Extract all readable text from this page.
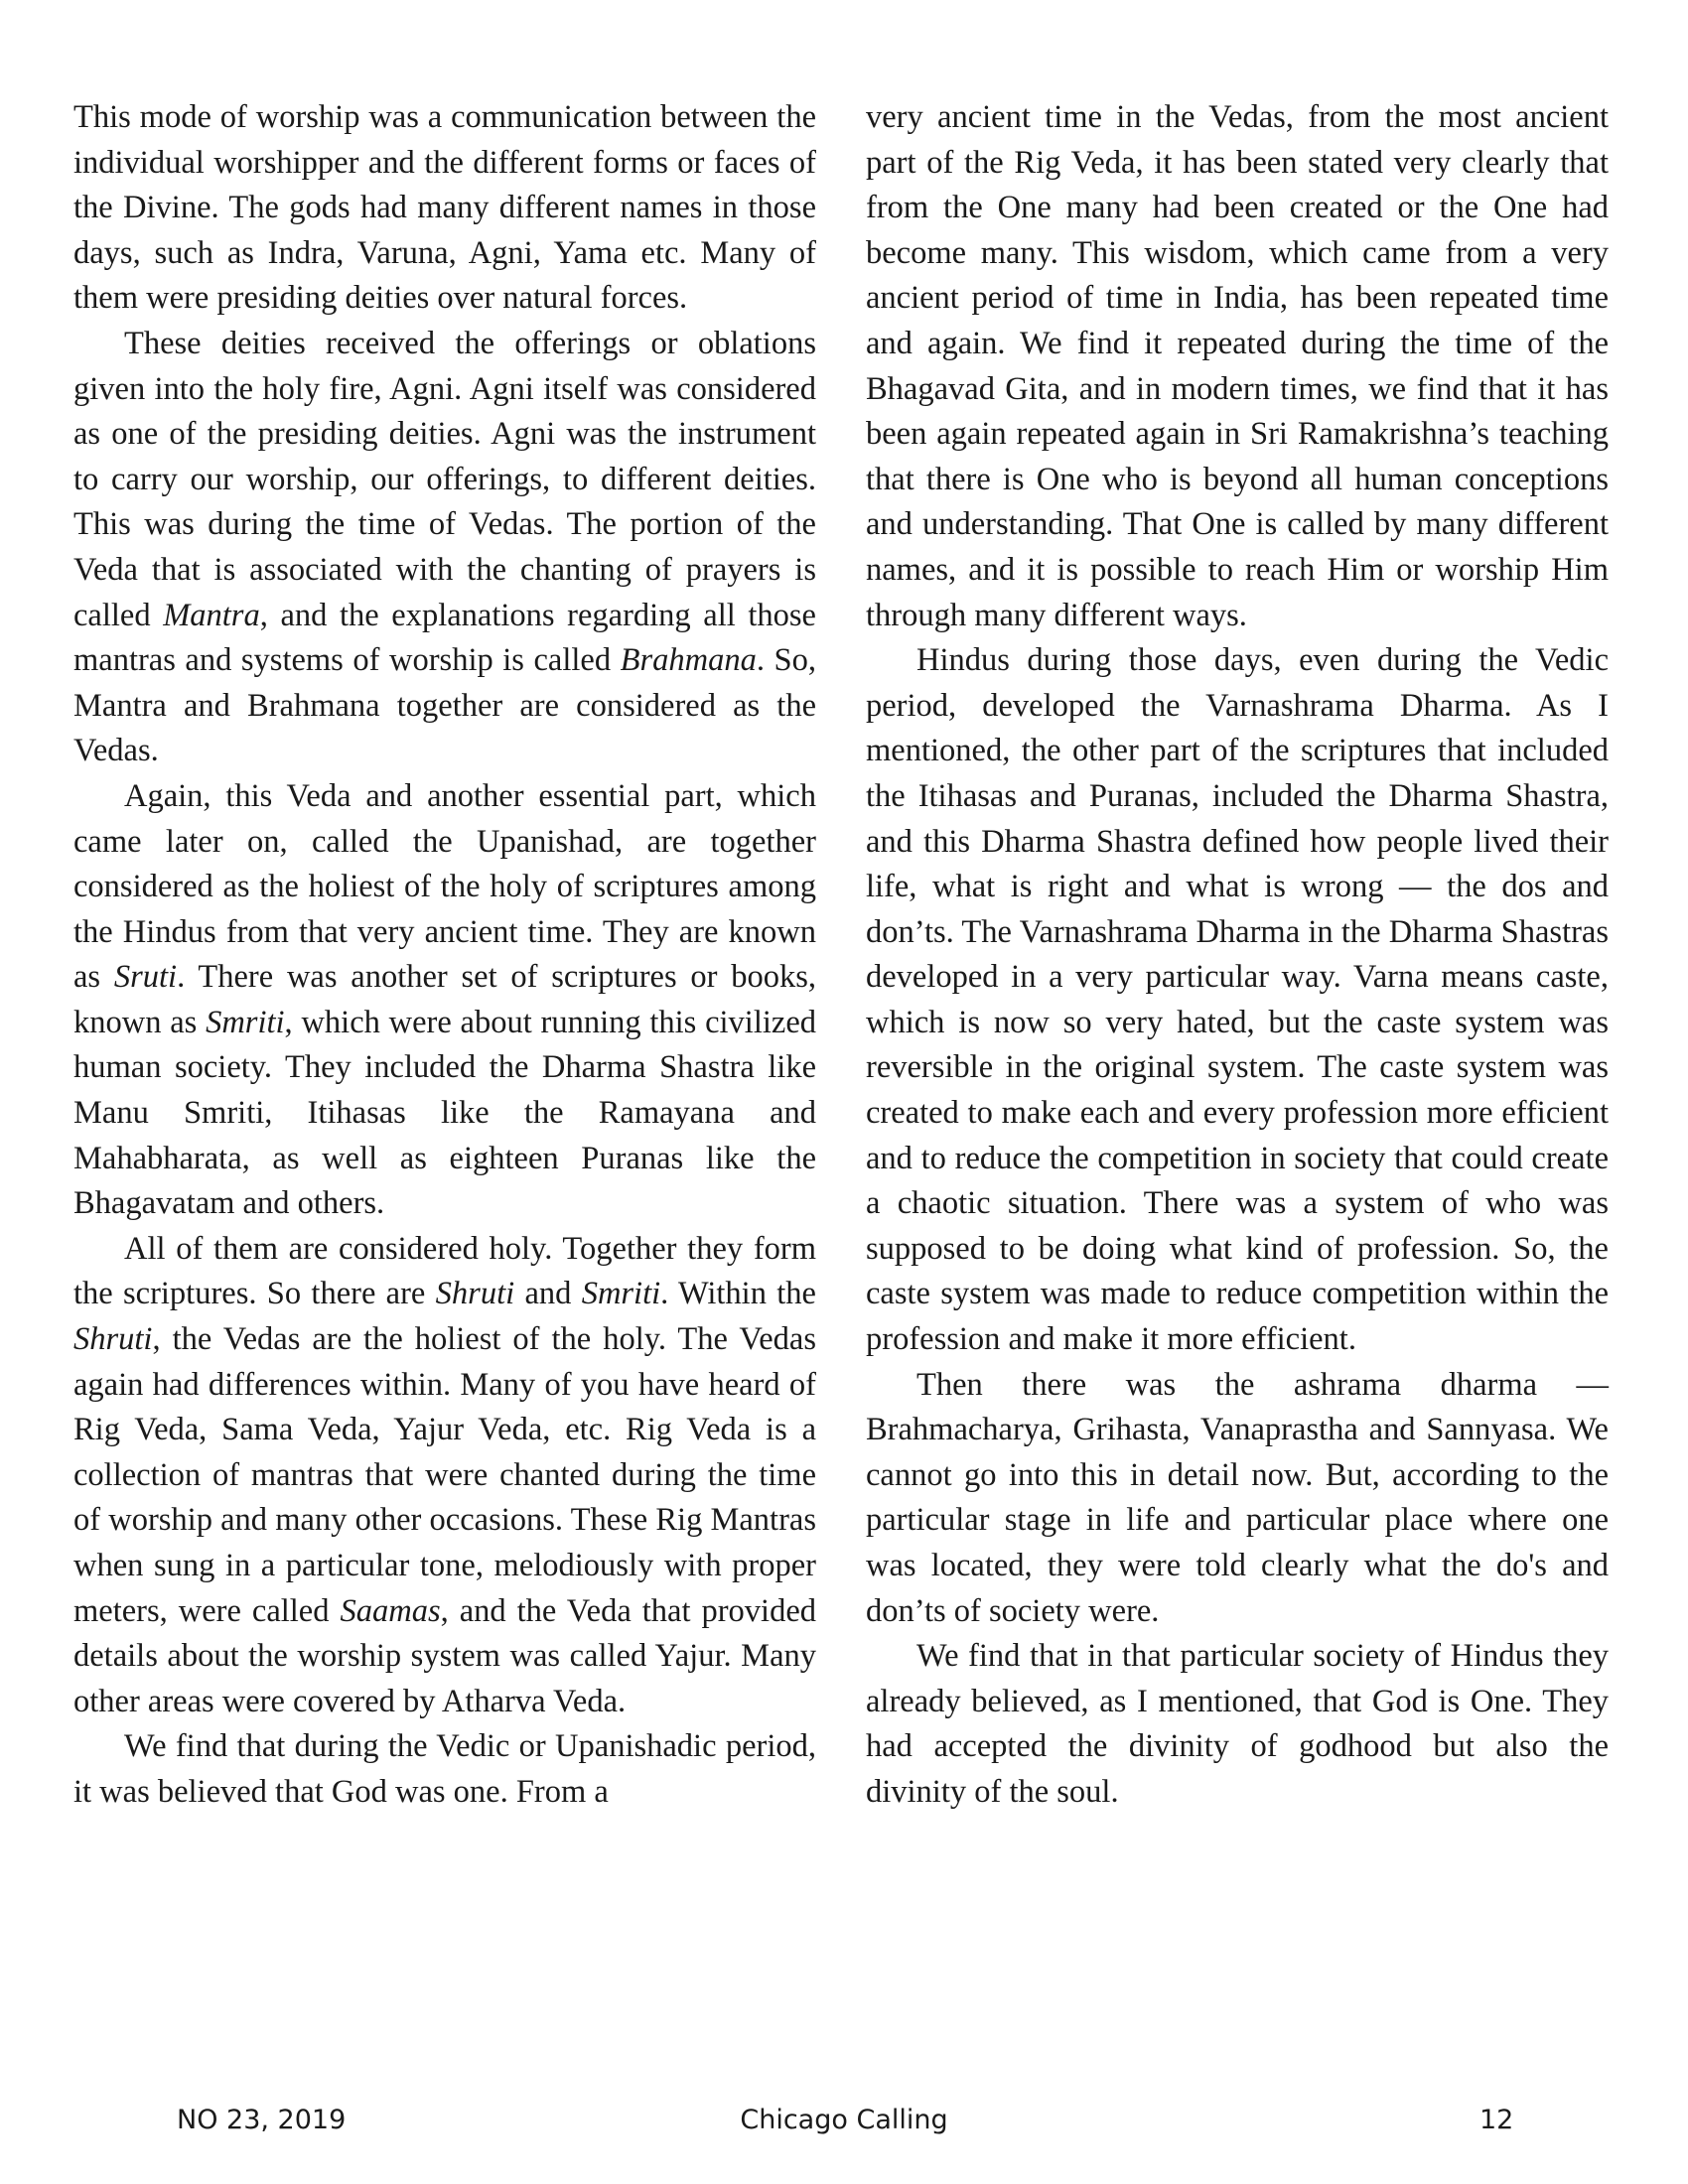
This mode of worship was a communication between the individual worshipper and the different forms or faces of the Divine. The gods had many different names in those days, such as Indra, Varuna, Agni, Yama etc. Many of them were presiding deities over natural forces.

These deities received the offerings or oblations given into the holy fire, Agni. Agni itself was considered as one of the presiding deities. Agni was the instrument to carry our worship, our offerings, to different deities. This was during the time of Vedas. The portion of the Veda that is associated with the chanting of prayers is called Mantra, and the explanations regarding all those mantras and systems of worship is called Brahmana. So, Mantra and Brahmana together are considered as the Vedas.

Again, this Veda and another essential part, which came later on, called the Upanishad, are together considered as the holiest of the holy of scriptures among the Hindus from that very ancient time. They are known as Sruti. There was another set of scriptures or books, known as Smriti, which were about running this civilized human society. They included the Dharma Shastra like Manu Smriti, Itihasas like the Ramayana and Mahabharata, as well as eighteen Puranas like the Bhagavatam and others.

All of them are considered holy. Together they form the scriptures. So there are Shruti and Smriti. Within the Shruti, the Vedas are the holiest of the holy. The Vedas again had differences within. Many of you have heard of Rig Veda, Sama Veda, Yajur Veda, etc. Rig Veda is a collection of mantras that were chanted during the time of worship and many other occasions. These Rig Mantras when sung in a particular tone, melodiously with proper meters, were called Saamas, and the Veda that provided details about the worship system was called Yajur. Many other areas were covered by Atharva Veda.

We find that during the Vedic or Upanishadic period, it was believed that God was one. From a

very ancient time in the Vedas, from the most ancient part of the Rig Veda, it has been stated very clearly that from the One many had been created or the One had become many. This wisdom, which came from a very ancient period of time in India, has been repeated time and again. We find it repeated during the time of the Bhagavad Gita, and in modern times, we find that it has been again repeated again in Sri Ramakrishna’s teaching that there is One who is beyond all human conceptions and understanding. That One is called by many different names, and it is possible to reach Him or worship Him through many different ways.

Hindus during those days, even during the Vedic period, developed the Varnashrama Dharma. As I mentioned, the other part of the scriptures that included the Itihasas and Puranas, included the Dharma Shastra, and this Dharma Shastra defined how people lived their life, what is right and what is wrong — the dos and don’ts. The Varnashrama Dharma in the Dharma Shastras developed in a very particular way. Varna means caste, which is now so very hated, but the caste system was reversible in the original system. The caste system was created to make each and every profession more efficient and to reduce the competition in society that could create a chaotic situation. There was a system of who was supposed to be doing what kind of profession. So, the caste system was made to reduce competition within the profession and make it more efficient.

Then there was the ashrama dharma — Brahmacharya, Grihasta, Vanaprastha and Sannyasa. We cannot go into this in detail now. But, according to the particular stage in life and particular place where one was located, they were told clearly what the do's and don’ts of society were.

We find that in that particular society of Hindus they already believed, as I mentioned, that God is One. They had accepted the divinity of godhood but also the divinity of the soul.

NO 23, 2019	Chicago Calling	12
